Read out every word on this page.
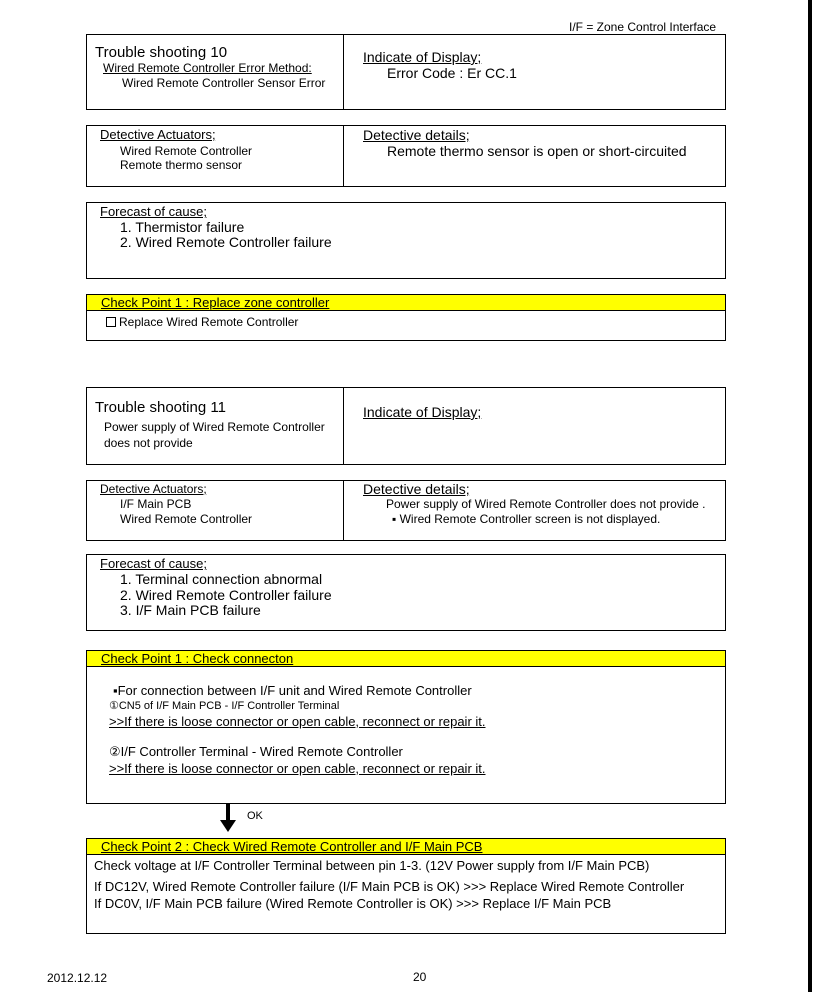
I/F = Zone Control Interface
Trouble shooting 10
Wired Remote Controller Error Method:
Wired Remote Controller Sensor Error
Indicate of Display;
Error Code : Er CC.1
Detective Actuators;
Wired Remote Controller
Remote thermo sensor
Detective details;
Remote thermo sensor is open or short-circuited
Forecast of cause;
1. Thermistor failure
2. Wired Remote Controller failure
Check Point 1 : Replace zone controller
Replace Wired Remote Controller
Trouble shooting 11
Power supply of Wired Remote Controller
does not provide
Indicate of Display;
Detective Actuators;
I/F Main PCB
Wired Remote Controller
Detective details;
Power supply of Wired Remote Controller does not provide .
▪ Wired Remote Controller screen is not displayed.
Forecast of cause;
1. Terminal connection abnormal
2. Wired Remote Controller failure
3. I/F Main PCB failure
Check Point 1 : Check connecton
▪For connection between I/F unit and Wired Remote Controller
①CN5 of I/F Main PCB - I/F Controller Terminal
>>If there is loose connector or open cable, reconnect or repair it.
②I/F Controller Terminal - Wired Remote Controller
>>If there is loose connector or open cable, reconnect or repair it.
OK
Check Point 2 : Check Wired Remote Controller and I/F Main PCB
Check voltage at I/F Controller Terminal between pin 1-3. (12V Power supply from I/F Main PCB)
If DC12V, Wired Remote Controller failure (I/F Main PCB is OK) >>> Replace Wired Remote Controller
If DC0V, I/F Main PCB failure (Wired Remote Controller is OK) >>> Replace I/F Main PCB
2012.12.12	20
